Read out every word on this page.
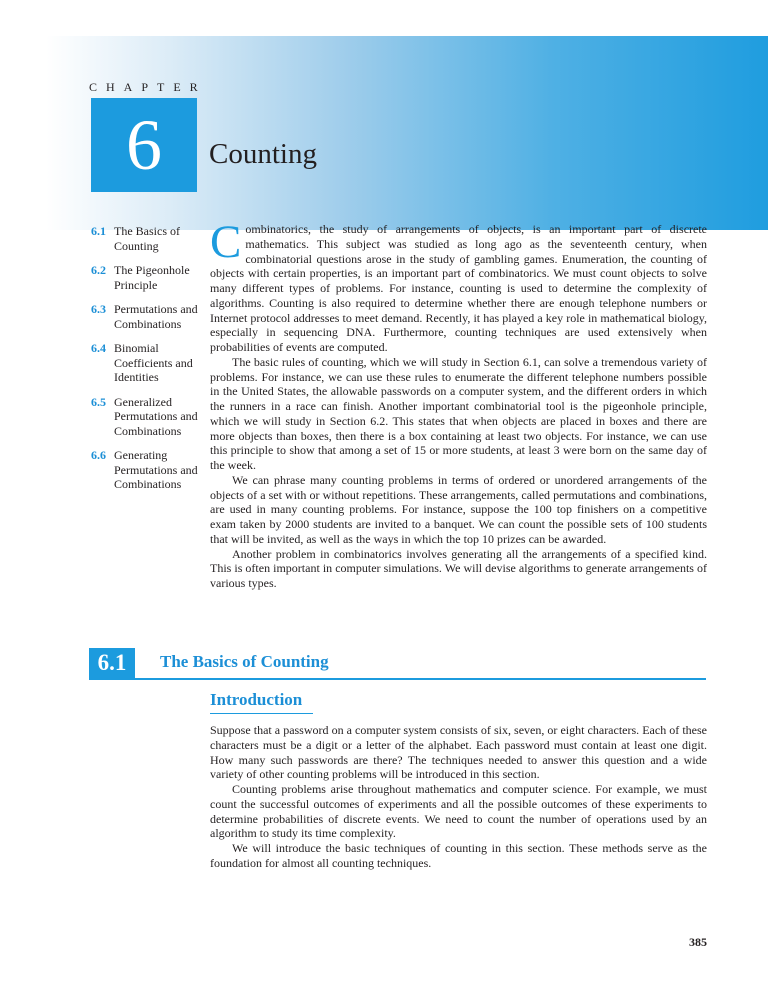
CHAPTER
6 Counting
6.1 The Basics of Counting
6.2 The Pigeonhole Principle
6.3 Permutations and Combinations
6.4 Binomial Coefficients and Identities
6.5 Generalized Permutations and Combinations
6.6 Generating Permutations and Combinations

Combinatorics, the study of arrangements of objects, is an important part of discrete mathematics. This subject was studied as long ago as the seventeenth century, when combinatorial questions arose in the study of gambling games. Enumeration, the counting of objects with certain properties, is an important part of combinatorics. We must count objects to solve many different types of problems. For instance, counting is used to determine the complexity of algorithms. Counting is also required to determine whether there are enough telephone numbers or Internet protocol addresses to meet demand. Recently, it has played a key role in mathematical biology, especially in sequencing DNA. Furthermore, counting techniques are used extensively when probabilities of events are computed.

The basic rules of counting, which we will study in Section 6.1, can solve a tremendous variety of problems. For instance, we can use these rules to enumerate the different telephone numbers possible in the United States, the allowable passwords on a computer system, and the different orders in which the runners in a race can finish. Another important combinatorial tool is the pigeonhole principle, which we will study in Section 6.2. This states that when objects are placed in boxes and there are more objects than boxes, then there is a box containing at least two objects. For instance, we can use this principle to show that among a set of 15 or more students, at least 3 were born on the same day of the week.

We can phrase many counting problems in terms of ordered or unordered arrangements of the objects of a set with or without repetitions. These arrangements, called permutations and combinations, are used in many counting problems. For instance, suppose the 100 top finishers on a competitive exam taken by 2000 students are invited to a banquet. We can count the possible sets of 100 students that will be invited, as well as the ways in which the top 10 prizes can be awarded.

Another problem in combinatorics involves generating all the arrangements of a specified kind. This is often important in computer simulations. We will devise algorithms to generate arrangements of various types.

6.1 The Basics of Counting
Introduction

Suppose that a password on a computer system consists of six, seven, or eight characters. Each of these characters must be a digit or a letter of the alphabet. Each password must contain at least one digit. How many such passwords are there? The techniques needed to answer this question and a wide variety of other counting problems will be introduced in this section.

Counting problems arise throughout mathematics and computer science. For example, we must count the successful outcomes of experiments and all the possible outcomes of these experiments to determine probabilities of discrete events. We need to count the number of operations used by an algorithm to study its time complexity.

We will introduce the basic techniques of counting in this section. These methods serve as the foundation for almost all counting techniques.

385
